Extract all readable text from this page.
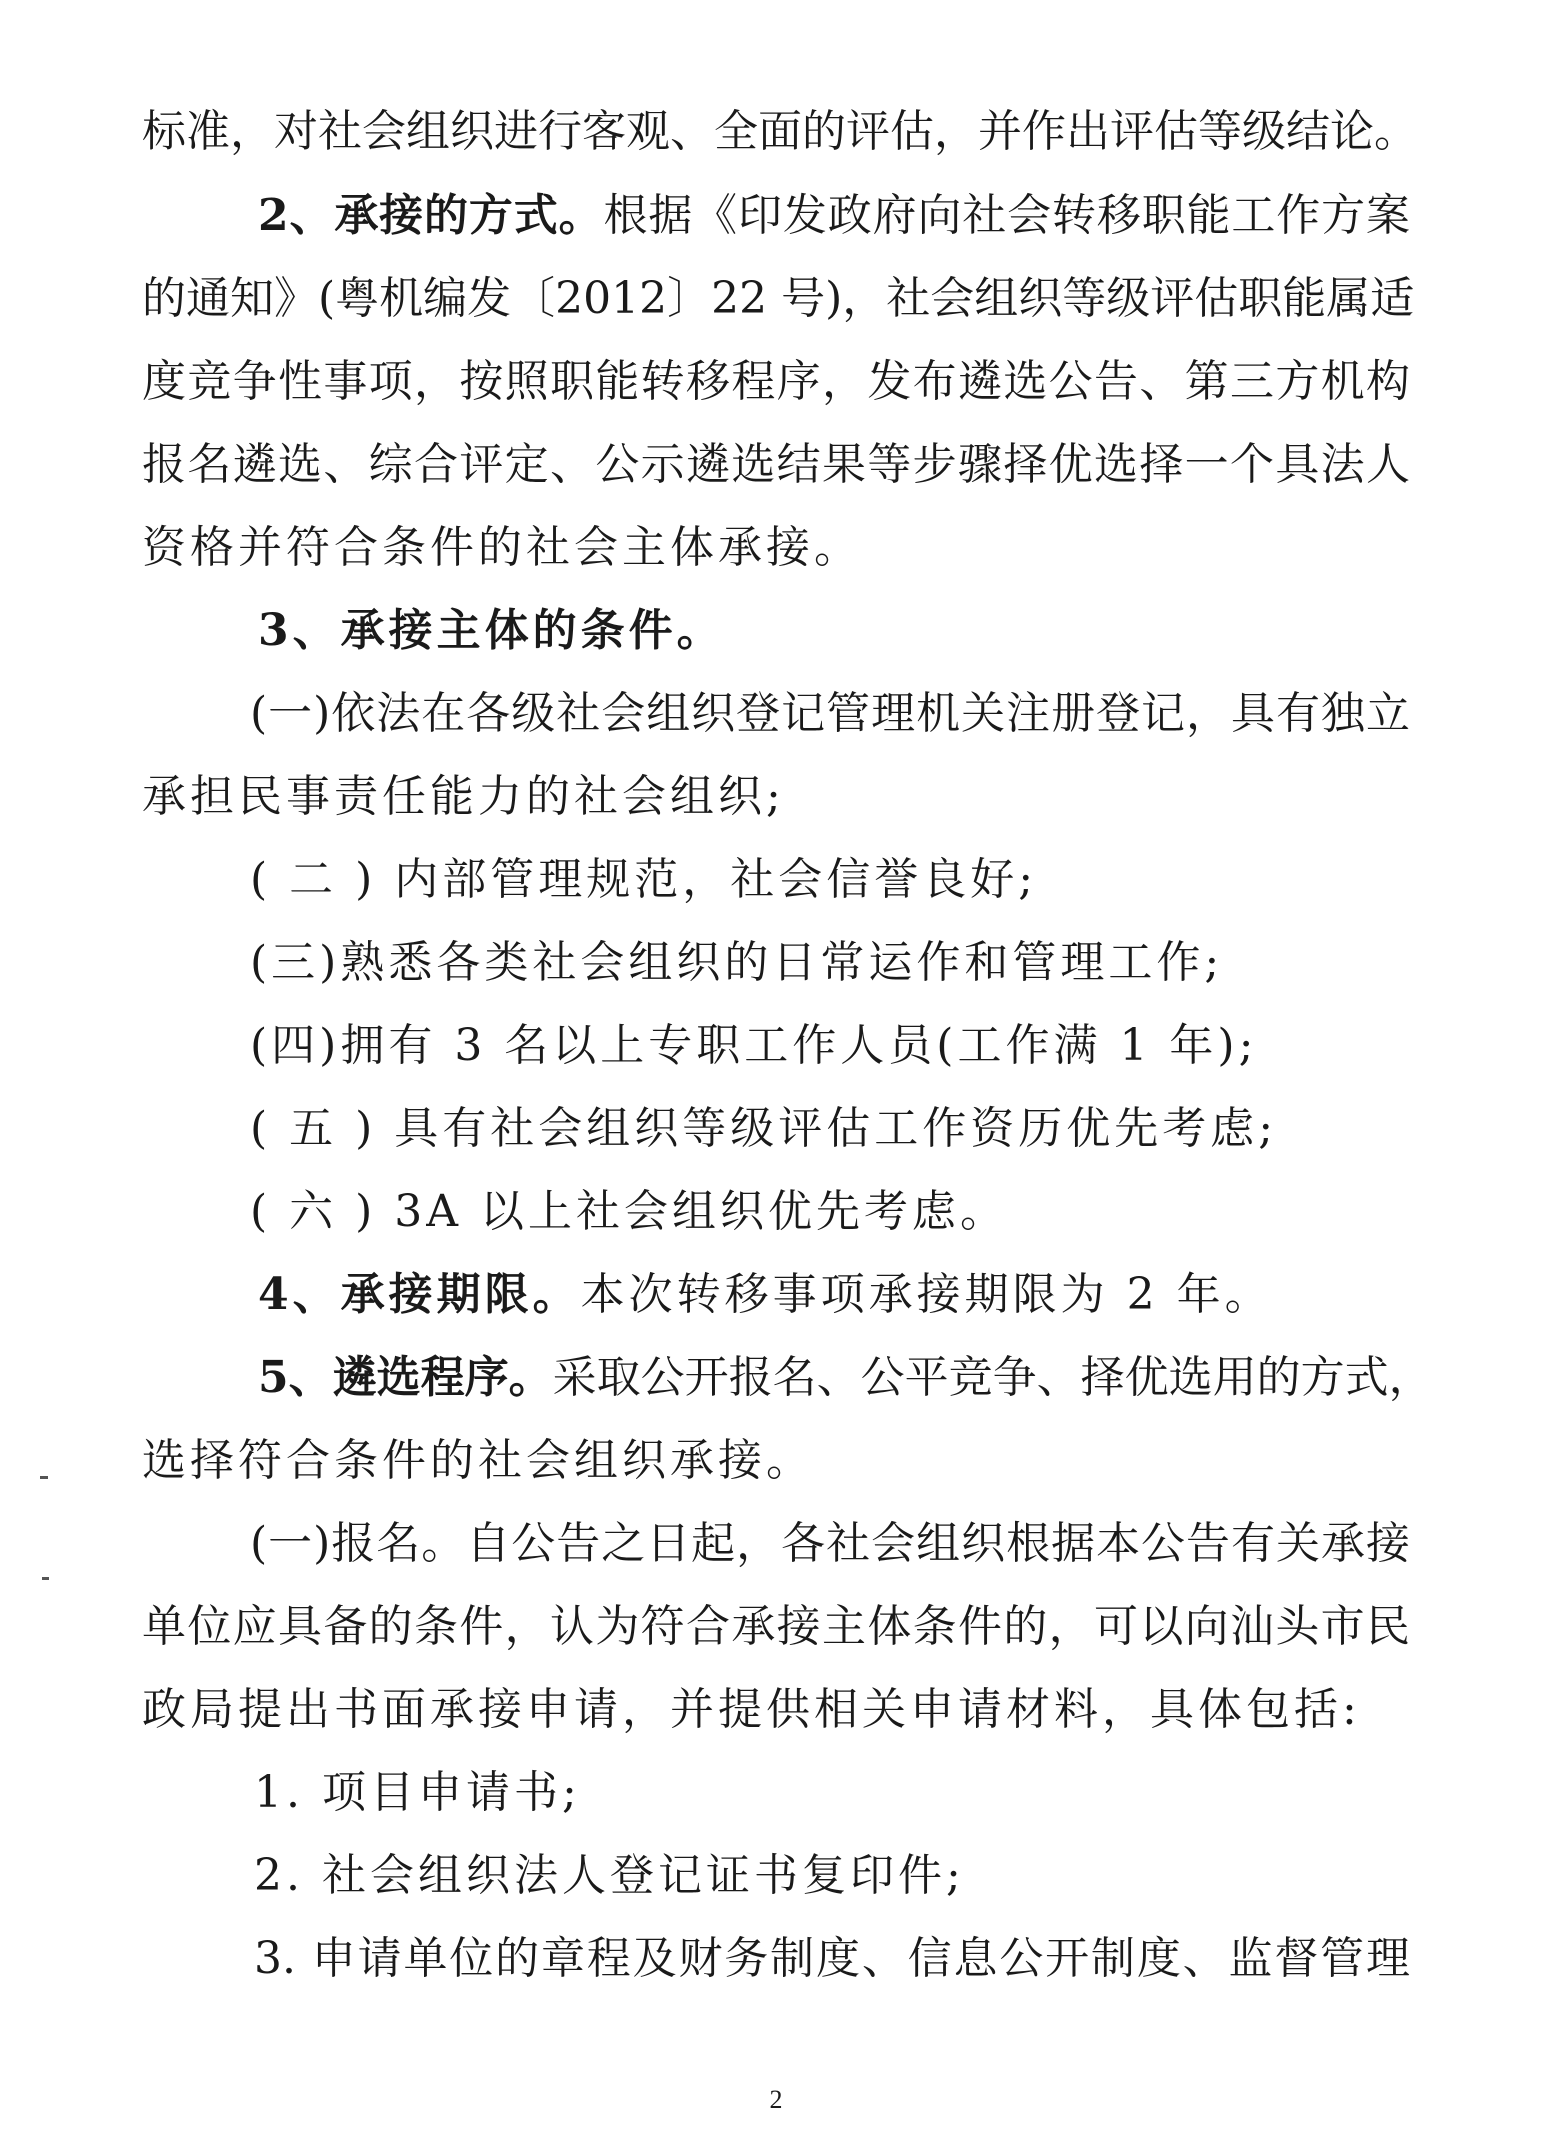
标准，对社会组织进行客观、全面的评估，并作出评估等级结论。
2、承接的方式。根据《印发政府向社会转移职能工作方案
的通知》(粤机编发〔2012〕22 号)，社会组织等级评估职能属适
度竞争性事项，按照职能转移程序，发布遴选公告、第三方机构
报名遴选、综合评定、公示遴选结果等步骤择优选择一个具法人
资格并符合条件的社会主体承接。
3、承接主体的条件。
(一)依法在各级社会组织登记管理机关注册登记，具有独立
承担民事责任能力的社会组织;
( 二 ) 内部管理规范，社会信誉良好;
(三)熟悉各类社会组织的日常运作和管理工作;
(四)拥有 3 名以上专职工作人员(工作满 1 年);
( 五 ) 具有社会组织等级评估工作资历优先考虑;
( 六 ) 3A 以上社会组织优先考虑。
4、承接期限。本次转移事项承接期限为 2 年。
5、遴选程序。采取公开报名、公平竞争、择优选用的方式，
选择符合条件的社会组织承接。
(一)报名。自公告之日起，各社会组织根据本公告有关承接
单位应具备的条件，认为符合承接主体条件的，可以向汕头市民
政局提出书面承接申请，并提供相关申请材料，具体包括:
1. 项目申请书;
2. 社会组织法人登记证书复印件;
3. 申请单位的章程及财务制度、信息公开制度、监督管理
2
